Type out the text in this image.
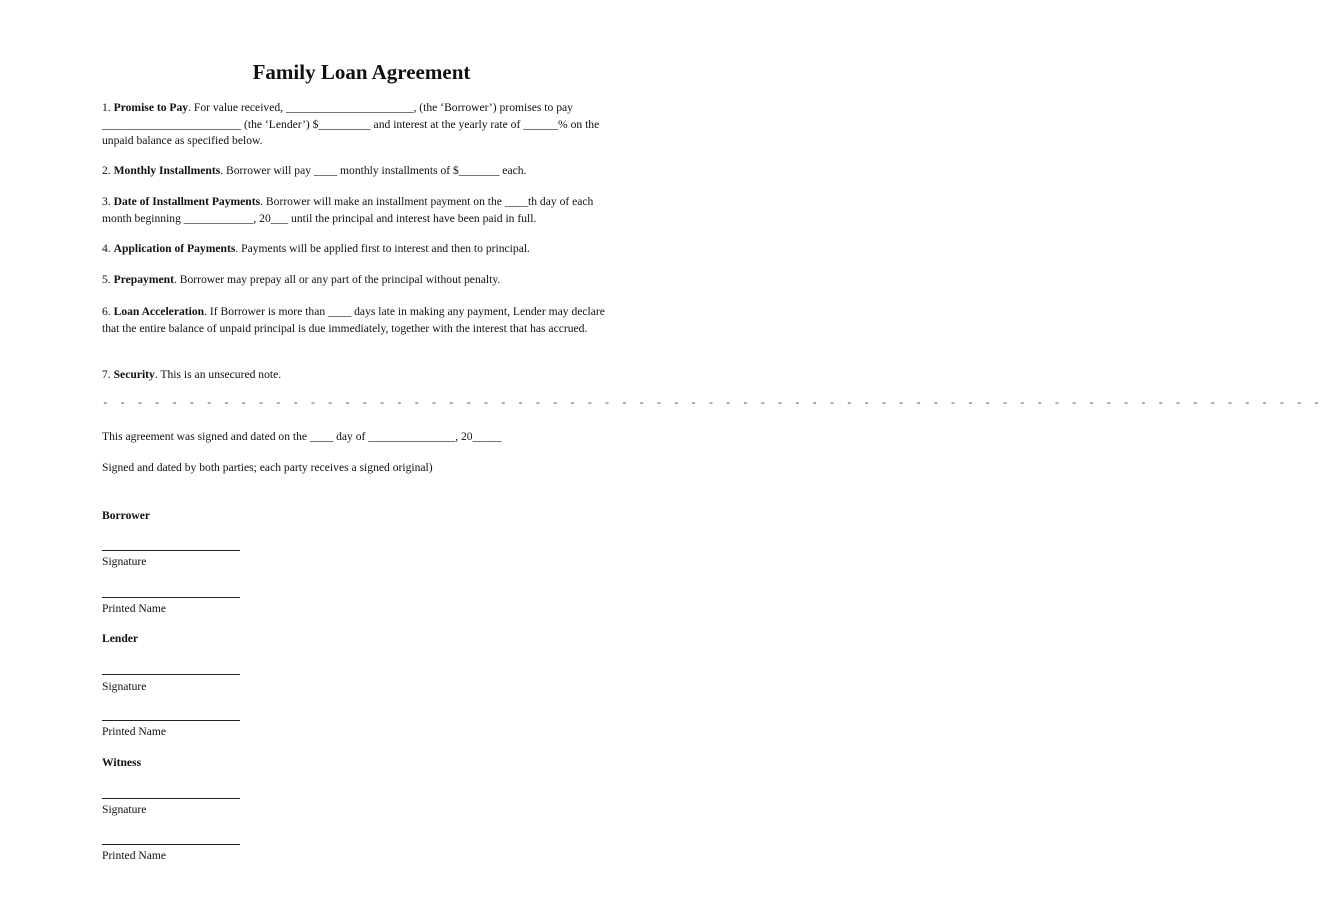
Family Loan Agreement
1. Promise to Pay. For value received, ______________________, (the ‘Borrower’) promises to pay ________________________ (the ‘Lender’) $_________ and interest at the yearly rate of ______% on the unpaid balance as specified below.
2. Monthly Installments. Borrower will pay ____ monthly installments of $_______ each.
3. Date of Installment Payments. Borrower will make an installment payment on the ____th day of each month beginning ____________, 20___ until the principal and interest have been paid in full.
4. Application of Payments. Payments will be applied first to interest and then to principal.
5. Prepayment. Borrower may prepay all or any part of the principal without penalty.
6. Loan Acceleration. If Borrower is more than ____ days late in making any payment, Lender may declare that the entire balance of unpaid principal is due immediately, together with the interest that has accrued.
7. Security. This is an unsecured note.
- - - - - - - - - - - - - - - - - - - - - - - - - - - - - - - - - - - - - - - - - - - - - - - - - - - - - - - - - - - - - - - - - - - - - - -
This agreement was signed and dated on the ____ day of _______________, 20_____
Signed and dated by both parties; each party receives a signed original)
Borrower
Signature
Printed Name
Lender
Signature
Printed Name
Witness
Signature
Printed Name
